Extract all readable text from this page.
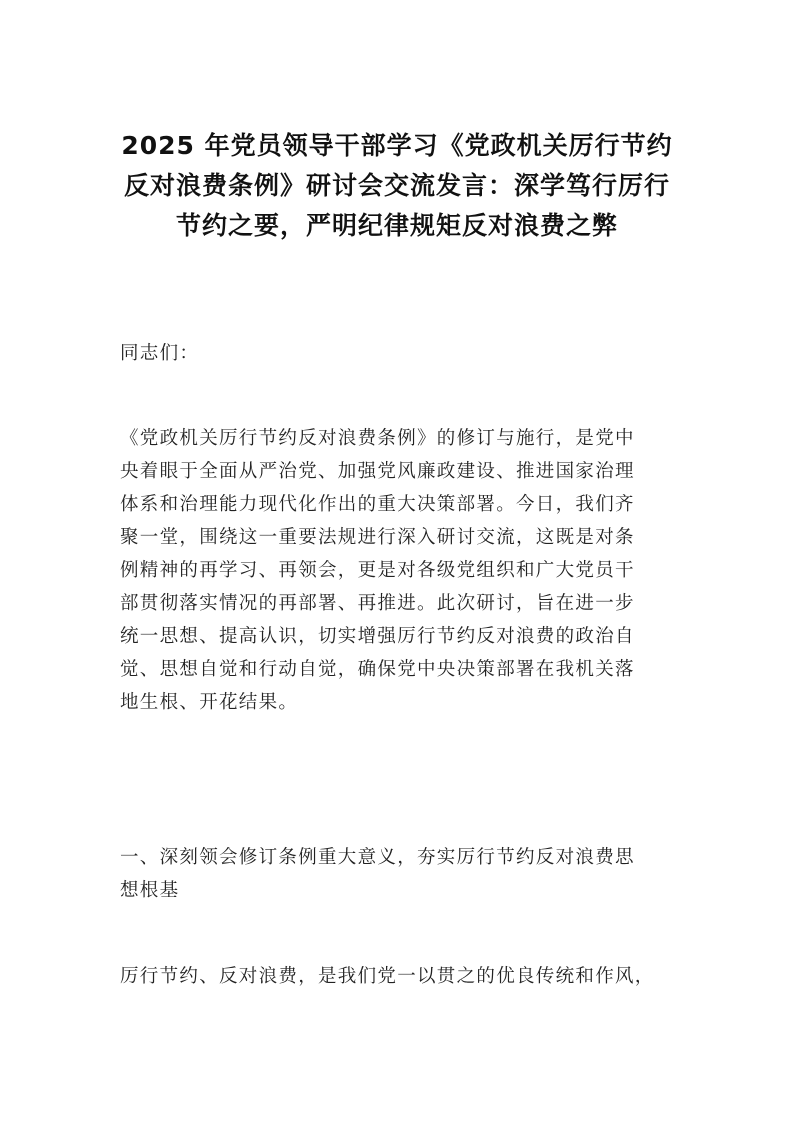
2025 年党员领导干部学习《党政机关厉行节约
反对浪费条例》研讨会交流发言：深学笃行厉行
节约之要，严明纪律规矩反对浪费之弊

同志们：

《党政机关厉行节约反对浪费条例》的修订与施行，是党中
央着眼于全面从严治党、加强党风廉政建设、推进国家治理
体系和治理能力现代化作出的重大决策部署。今日，我们齐
聚一堂，围绕这一重要法规进行深入研讨交流，这既是对条
例精神的再学习、再领会，更是对各级党组织和广大党员干
部贯彻落实情况的再部署、再推进。此次研讨，旨在进一步
统一思想、提高认识，切实增强厉行节约反对浪费的政治自
觉、思想自觉和行动自觉，确保党中央决策部署在我机关落
地生根、开花结果。

一、深刻领会修订条例重大意义，夯实厉行节约反对浪费思
想根基

厉行节约、反对浪费，是我们党一以贯之的优良传统和作风，
